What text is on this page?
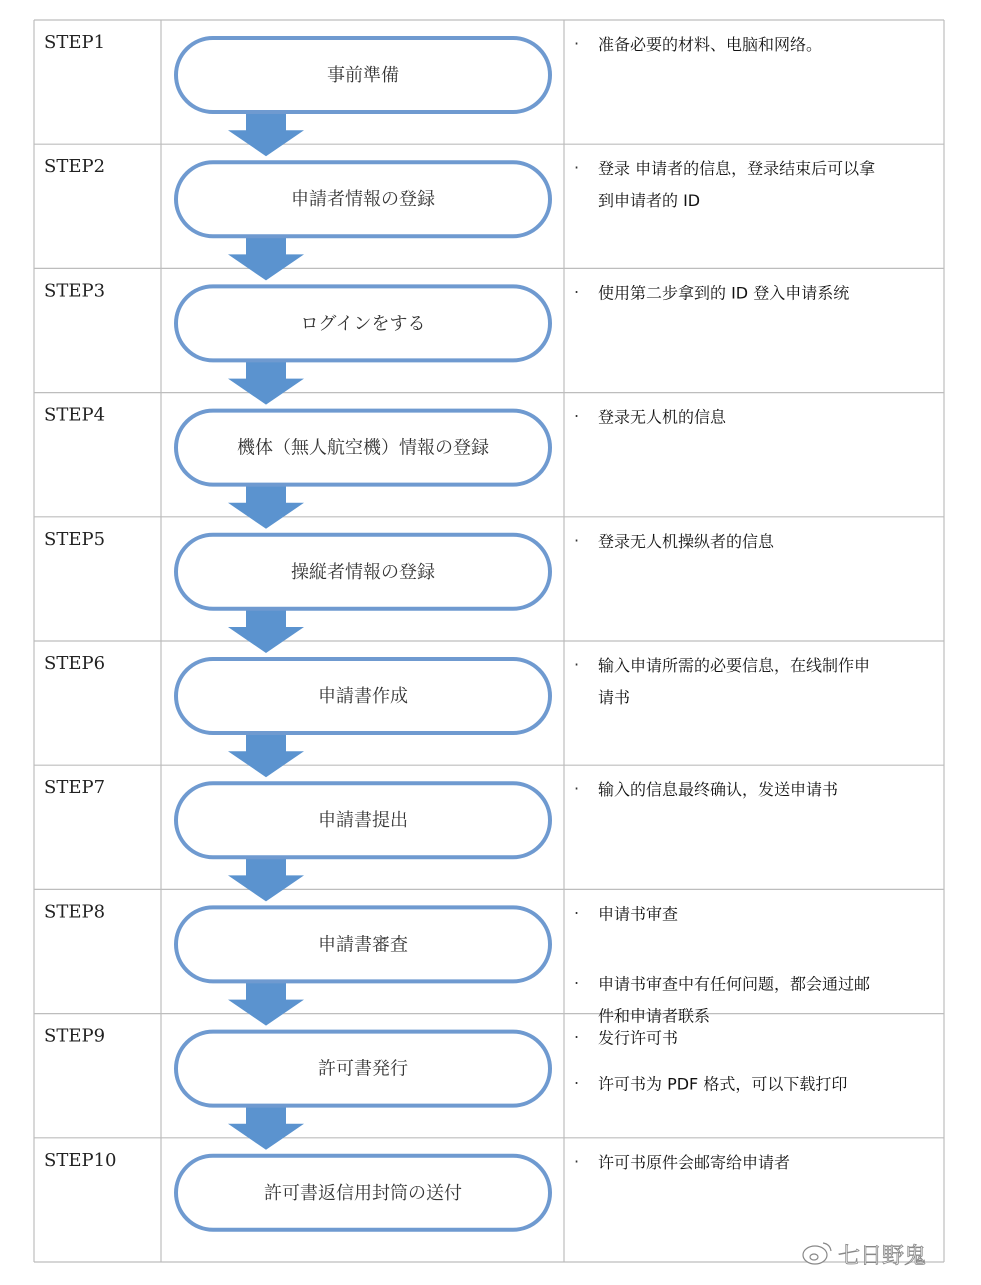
STEP1
事前準備
· 准备必要的材料、电脑和网络。
STEP2
申請者情報の登録
· 登录 申请者的信息，登录结束后可以拿
到申请者的 ID
STEP3
ログインをする
· 使用第二步拿到的 ID 登入申请系统
STEP4
機体（無人航空機）情報の登録
· 登录无人机的信息
STEP5
操縦者情報の登録
· 登录无人机操纵者的信息
STEP6
申請書作成
· 输入申请所需的必要信息，在线制作申
请书
STEP7
申請書提出
· 输入的信息最终确认，发送申请书
STEP8
申請書審査
· 申请书审查
· 申请书审查中有任何问题，都会通过邮
件和申请者联系
STEP9
許可書発行
· 发行许可书
· 许可书为 PDF 格式，可以下载打印
STEP10
許可書返信用封筒の送付
· 许可书原件会邮寄给申请者
七日野鬼
